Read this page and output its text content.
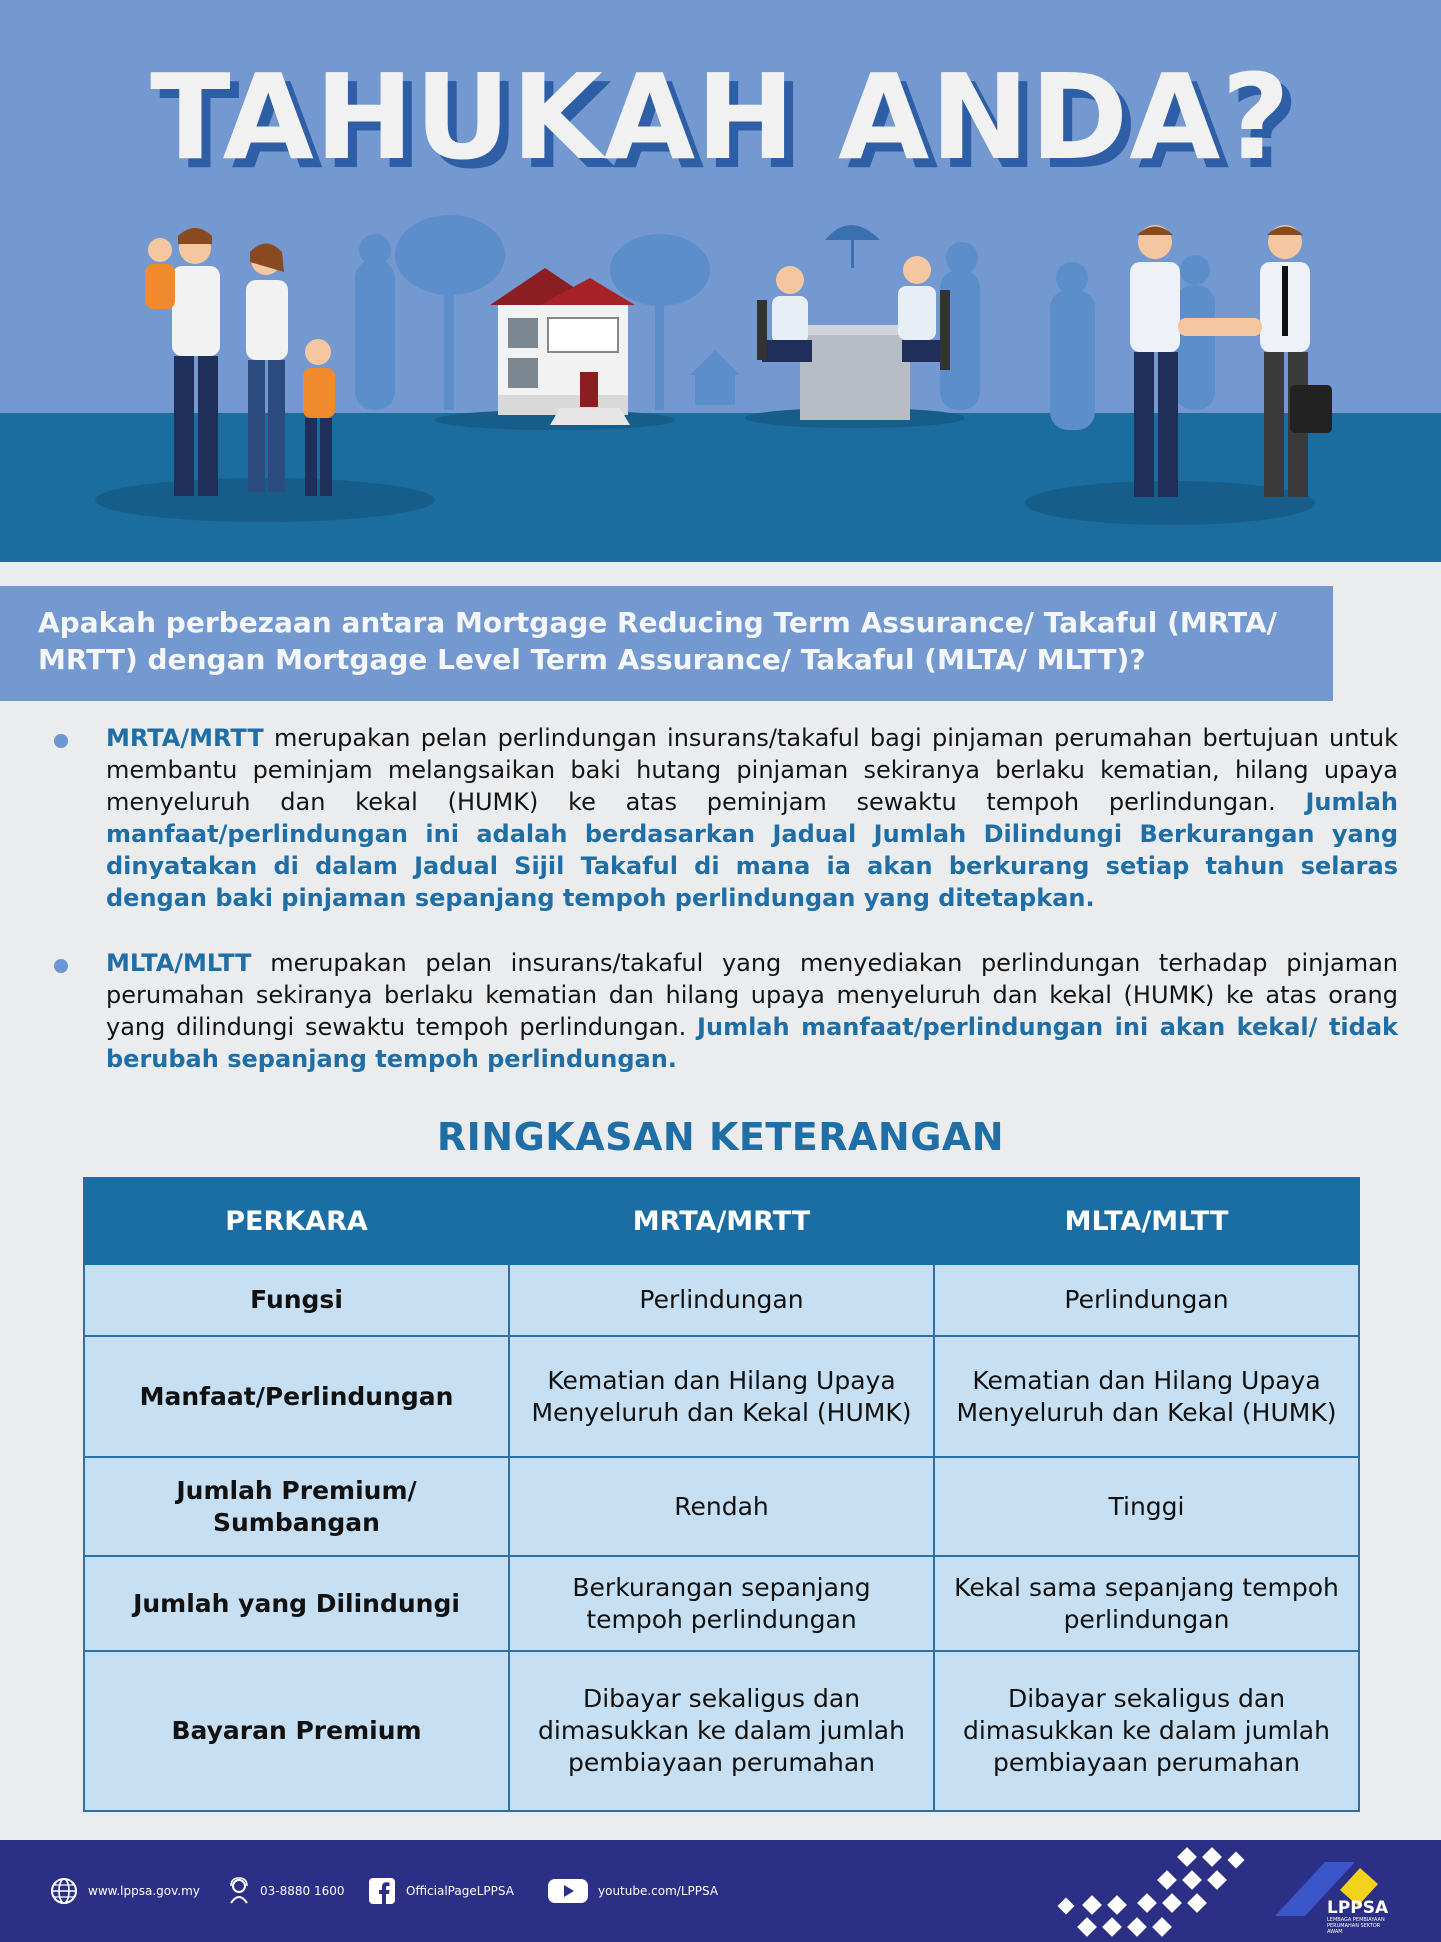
TAHUKAH ANDA?

Apakah perbezaan antara Mortgage Reducing Term Assurance/ Takaful (MRTA/ MRTT) dengan Mortgage Level Term Assurance/ Takaful (MLTA/ MLTT)?

MRTA/MRTT merupakan pelan perlindungan insurans/takaful bagi pinjaman perumahan bertujuan untuk membantu peminjam melangsaikan baki hutang pinjaman sekiranya berlaku kematian, hilang upaya menyeluruh dan kekal (HUMK) ke atas peminjam sewaktu tempoh perlindungan. Jumlah manfaat/perlindungan ini adalah berdasarkan Jadual Jumlah Dilindungi Berkurangan yang dinyatakan di dalam Jadual Sijil Takaful di mana ia akan berkurang setiap tahun selaras dengan baki pinjaman sepanjang tempoh perlindungan yang ditetapkan.
MLTA/MLTT merupakan pelan insurans/takaful yang menyediakan perlindungan terhadap pinjaman perumahan sekiranya berlaku kematian dan hilang upaya menyeluruh dan kekal (HUMK) ke atas orang yang dilindungi sewaktu tempoh perlindungan. Jumlah manfaat/perlindungan ini akan kekal/ tidak berubah sepanjang tempoh perlindungan.
RINGKASAN KETERANGAN
PERKARA	MRTA/MRTT	MLTA/MLTT
Fungsi	Perlindungan	Perlindungan
Manfaat/Perlindungan	Kematian dan Hilang Upaya Menyeluruh dan Kekal (HUMK)	Kematian dan Hilang Upaya Menyeluruh dan Kekal (HUMK)
Jumlah Premium/ Sumbangan	Rendah	Tinggi
Jumlah yang Dilindungi	Berkurangan sepanjang tempoh perlindungan	Kekal sama sepanjang tempoh perlindungan
Bayaran Premium	Dibayar sekaligus dan dimasukkan ke dalam jumlah pembiayaan perumahan	Dibayar sekaligus dan dimasukkan ke dalam jumlah pembiayaan perumahan
www.lppsa.gov.my	03-8880 1600	OfficialPageLPPSA	youtube.com/LPPSA
LPPSA
LEMBAGA PEMBIAYAAN PERUMAHAN SEKTOR AWAM
